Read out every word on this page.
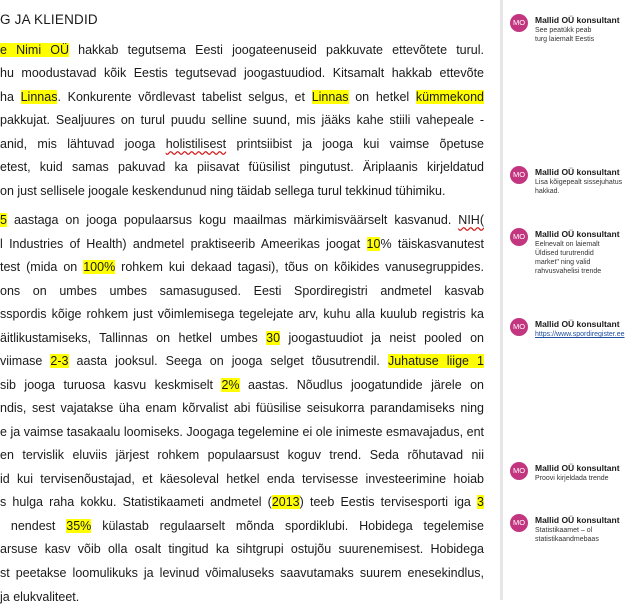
G JA KLIENDID
e Nimi OÜ hakkab tegutsema Eesti joogateenuseid pakkuvate ettevõtete turul.
hu moodustavad kõik Eestis tegutsevad joogastuudiod. Kitsamalt hakkab ettevõte
ha Linnas. Konkurente võrdlevast tabelist selgus, et Linnas on hetkel kümmekond
pakkujat. Sealjuures on turul puudu selline suund, mis jääks kahe stiili vahepeale -
anid, mis lähtuvad jooga holistilisest printsiibist ja jooga kui vaimse õpetuse
etest, kuid samas pakuvad ka piisavat füüsilist pingutust. Äriplaanis kirjeldatud
on just sellisele joogale keskendunud ning täidab sellega turul tekkinud tühimiku.
5 aastaga on jooga populaarsus kogu maailmas märkimisväärselt kasvanud. NIH(
l Industries of Health) andmetel praktiseerib Ameerikas joogat 10% täiskasvanutest
test (mida on 100% rohkem kui dekaad tagasi), tõus on kõikides vanusegruppides.
ons on umbes umbes samasugused. Eesti Spordiregistri andmetel kasvab
sspordis kõige rohkem just võimlemisega tegelejate arv, kuhu alla kuulub registris ka
äitlikustamiseks, Tallinnas on hetkel umbes 30 joogastuudiot ja neist pooled on
viimase 2-3 aasta jooksul. Seega on jooga selget tõusutrendil. Juhatuse liige 1
sib jooga turuosa kasvu keskmiselt 2% aastas. Nõudlus joogatundide järele on
ndis, sest vajatakse üha enam kõrvalist abi füüsilise seisukorra parandamiseks ning
e ja vaimse tasakaalu loomiseks. Joogaga tegelemine ei ole inimeste esmavajadus, ent
en tervislik eluviis järjest rohkem populaarsust koguv trend. Seda rõhutavad nii
id kui tervisenõustajad, et käesoleval hetkel enda tervisesse investeerimine hoiab
s hulga raha kokku. Statistikaameti andmetel (2013) teeb Eestis tervisesporti iga 3
nendest 35% külastab regulaarselt mõnda spordiklubi. Hobidega tegelemise
arsuse kasv võib olla osalt tingitud ka sihtgrupi ostujõu suurenemisest. Hobidega
st peetakse loomulikuks ja levinud võimaluseks saavutamaks suurem enesekindlus,
ja elukvaliteet.
MO	Mallid OÜ konsultant
See peatükk peab
turg laiemalt Eestis
MO	Mallid OÜ konsultant
Lisa kõigepealt sissejuhatus
hakkad.
MO	Mallid OÜ konsultant
Eelnevalt on laiemalt
Üldised turutrendid
market" ning valid
rahvusvahelisi trende
MO	Mallid OÜ konsultant
https://www.spordiregister.ee
MO	Mallid OÜ konsultant
Proovi kirjeldada trende
MO	Mallid OÜ konsultant
Statistikaamet – ol
statistikaandmebaas
